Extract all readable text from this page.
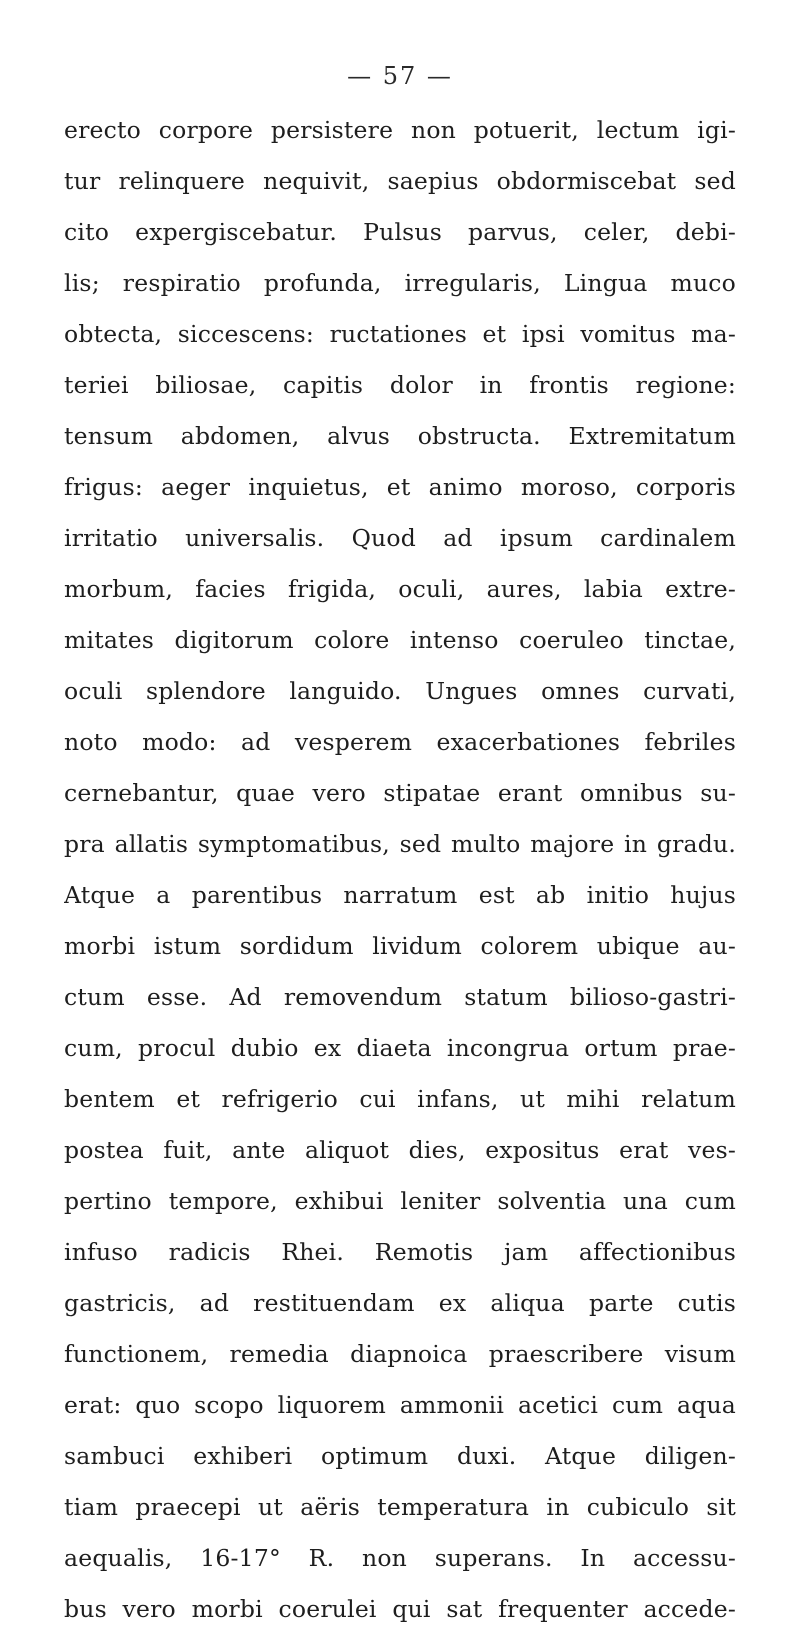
— 57 —
erecto corpore persistere non potuerit, lectum igi-
tur relinquere nequivit, saepius obdormiscebat sed
cito expergiscebatur. Pulsus parvus, celer, debi-
lis; respiratio profunda, irregularis, Lingua muco
obtecta, siccescens: ructationes et ipsi vomitus ma-
teriei biliosae, capitis dolor in frontis regione:
tensum abdomen, alvus obstructa. Extremitatum
frigus: aeger inquietus, et animo moroso, corporis
irritatio universalis. Quod ad ipsum cardinalem
morbum, facies frigida, oculi, aures, labia extre-
mitates digitorum colore intenso coeruleo tinctae,
oculi splendore languido. Ungues omnes curvati,
noto modo: ad vesperem exacerbationes febriles
cernebantur, quae vero stipatae erant omnibus su-
pra allatis symptomatibus, sed multo majore in gradu.
Atque a parentibus narratum est ab initio hujus
morbi istum sordidum lividum colorem ubique au-
ctum esse. Ad removendum statum bilioso-gastri-
cum, procul dubio ex diaeta incongrua ortum prae-
bentem et refrigerio cui infans, ut mihi relatum
postea fuit, ante aliquot dies, expositus erat ves-
pertino tempore, exhibui leniter solventia una cum
infuso radicis Rhei. Remotis jam affectionibus
gastricis, ad restituendam ex aliqua parte cutis
functionem, remedia diapnoica praescribere visum
erat: quo scopo liquorem ammonii acetici cum aqua
sambuci exhiberi optimum duxi. Atque diligen-
tiam praecepi ut aëris temperatura in cubiculo sit
aequalis, 16-17° R. non superans. In accessu-
bus vero morbi coerulei qui sat frequenter accede-
